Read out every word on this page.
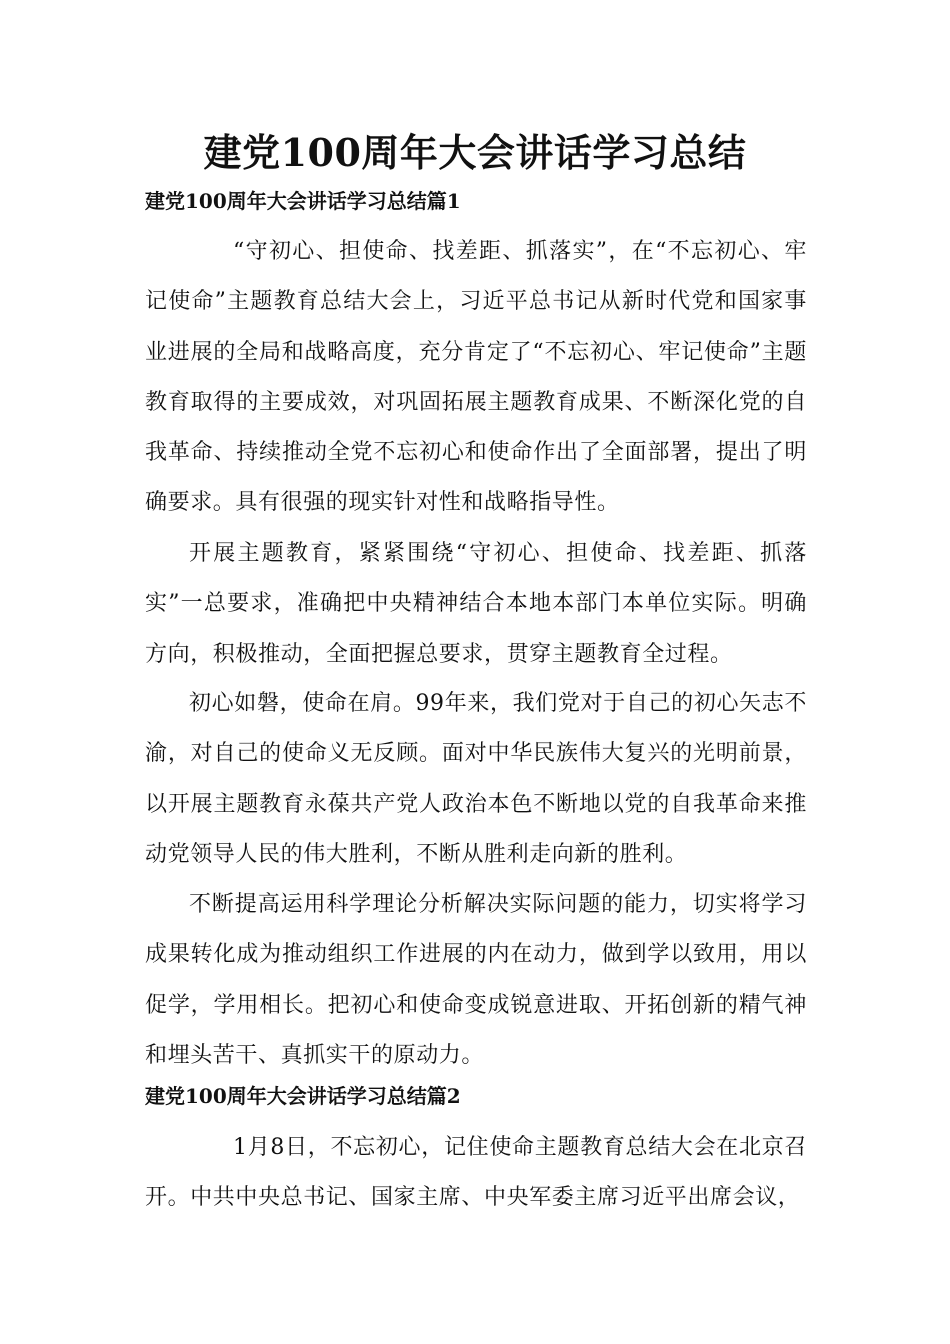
建党100周年大会讲话学习总结
建党100周年大会讲话学习总结篇1

“守初心、担使命、找差距、抓落实”，在“不忘初心、牢记使命”主题教育总结大会上，习近平总书记从新时代党和国家事业进展的全局和战略高度，充分肯定了“不忘初心、牢记使命”主题教育取得的主要成效，对巩固拓展主题教育成果、不断深化党的自我革命、持续推动全党不忘初心和使命作出了全面部署，提出了明确要求。具有很强的现实针对性和战略指导性。

开展主题教育，紧紧围绕“守初心、担使命、找差距、抓落实”一总要求，准确把中央精神结合本地本部门本单位实际。明确方向，积极推动，全面把握总要求，贯穿主题教育全过程。

初心如磐，使命在肩。99年来，我们党对于自己的初心矢志不渝，对自己的使命义无反顾。面对中华民族伟大复兴的光明前景，以开展主题教育永葆共产党人政治本色不断地以党的自我革命来推动党领导人民的伟大胜利，不断从胜利走向新的胜利。

不断提高运用科学理论分析解决实际问题的能力，切实将学习成果转化成为推动组织工作进展的内在动力，做到学以致用，用以促学，学用相长。把初心和使命变成锐意进取、开拓创新的精气神和埋头苦干、真抓实干的原动力。

建党100周年大会讲话学习总结篇2

1月8日，不忘初心，记住使命主题教育总结大会在北京召开。中共中央总书记、国家主席、中央军委主席习近平出席会议，
